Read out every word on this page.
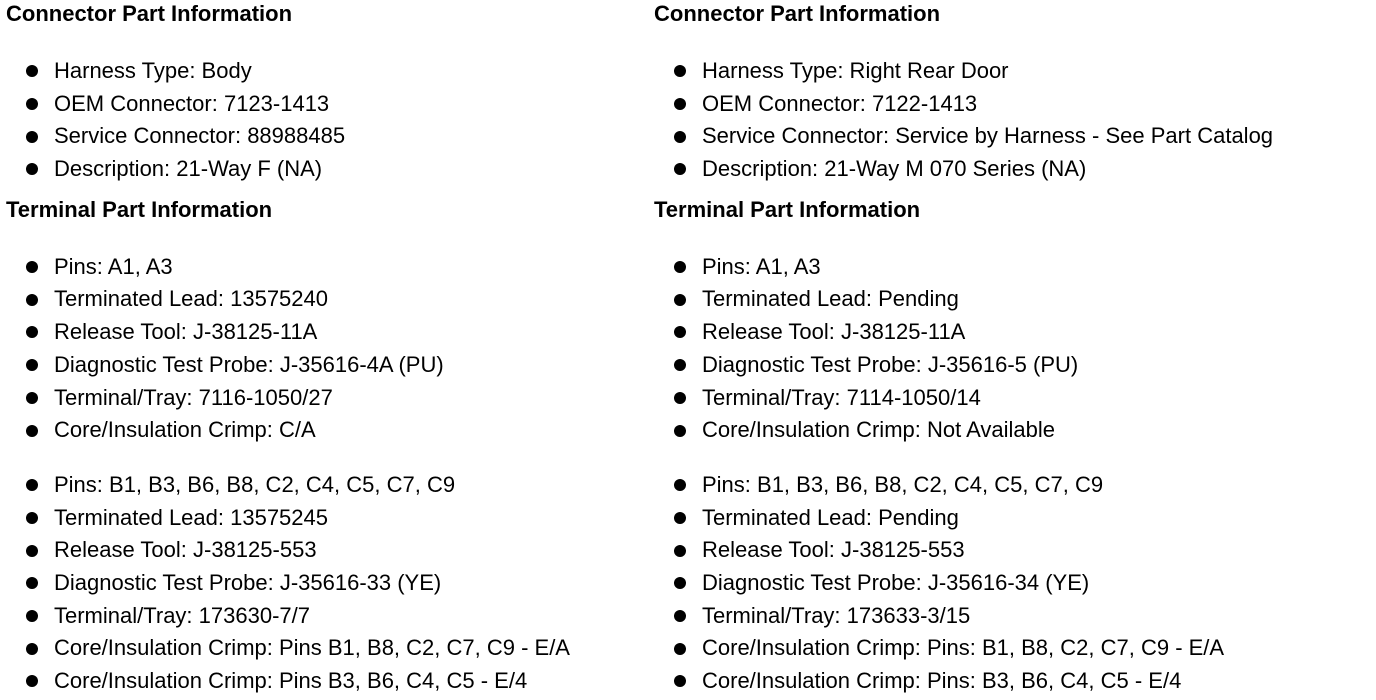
Connector Part Information
Harness Type: Body
OEM Connector: 7123-1413
Service Connector: 88988485
Description: 21-Way F (NA)
Terminal Part Information
Pins: A1, A3
Terminated Lead: 13575240
Release Tool: J-38125-11A
Diagnostic Test Probe: J-35616-4A (PU)
Terminal/Tray: 7116-1050/27
Core/Insulation Crimp: C/A
Pins: B1, B3, B6, B8, C2, C4, C5, C7, C9
Terminated Lead: 13575245
Release Tool: J-38125-553
Diagnostic Test Probe: J-35616-33 (YE)
Terminal/Tray: 173630-7/7
Core/Insulation Crimp: Pins B1, B8, C2, C7, C9 - E/A
Core/Insulation Crimp: Pins B3, B6, C4, C5 - E/4
Connector Part Information
Harness Type: Right Rear Door
OEM Connector: 7122-1413
Service Connector: Service by Harness - See Part Catalog
Description: 21-Way M 070 Series (NA)
Terminal Part Information
Pins: A1, A3
Terminated Lead: Pending
Release Tool: J-38125-11A
Diagnostic Test Probe: J-35616-5 (PU)
Terminal/Tray: 7114-1050/14
Core/Insulation Crimp: Not Available
Pins: B1, B3, B6, B8, C2, C4, C5, C7, C9
Terminated Lead: Pending
Release Tool: J-38125-553
Diagnostic Test Probe: J-35616-34 (YE)
Terminal/Tray: 173633-3/15
Core/Insulation Crimp: Pins: B1, B8, C2, C7, C9 - E/A
Core/Insulation Crimp: Pins: B3, B6, C4, C5 - E/4
